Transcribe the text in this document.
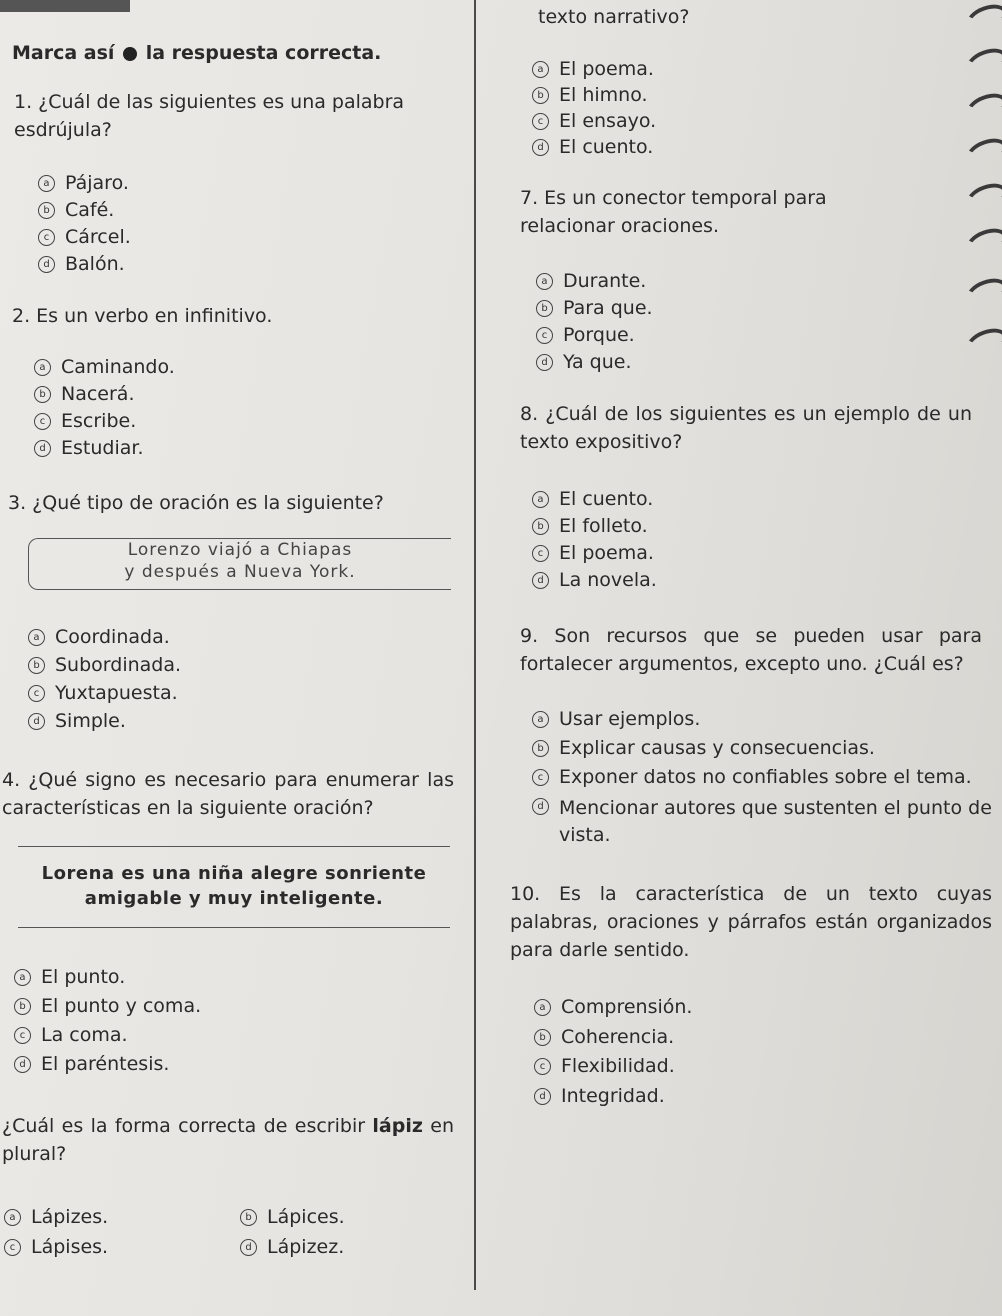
Marca así la respuesta correcta.
1. ¿Cuál de las siguientes es una palabra esdrújula?
a Pájaro.
b Café.
c Cárcel.
d Balón.
2. Es un verbo en infinitivo.
a Caminando.
b Nacerá.
c Escribe.
d Estudiar.
3. ¿Qué tipo de oración es la siguiente?
Lorenzo viajó a Chiapas
y después a Nueva York.
a Coordinada.
b Subordinada.
c Yuxtapuesta.
d Simple.
4. ¿Qué signo es necesario para enumerar las características en la siguiente oración?
Lorena es una niña alegre sonriente
amigable y muy inteligente.
a El punto.
b El punto y coma.
c La coma.
d El paréntesis.
¿Cuál es la forma correcta de escribir lápiz en plural?
a Lápizes.	b Lápices.
c Lápises.	d Lápizez.
texto narrativo?
a El poema.
b El himno.
c El ensayo.
d El cuento.
7. Es un conector temporal para relacionar oraciones.
a Durante.
b Para que.
c Porque.
d Ya que.
8. ¿Cuál de los siguientes es un ejemplo de un texto expositivo?
a El cuento.
b El folleto.
c El poema.
d La novela.
9. Son recursos que se pueden usar para fortalecer argumentos, excepto uno. ¿Cuál es?
a Usar ejemplos.
b Explicar causas y consecuencias.
c Exponer datos no confiables sobre el tema.
d Mencionar autores que sustenten el punto de vista.
10. Es la característica de un texto cuyas palabras, oraciones y párrafos están organizados para darle sentido.
a Comprensión.
b Coherencia.
c Flexibilidad.
d Integridad.
